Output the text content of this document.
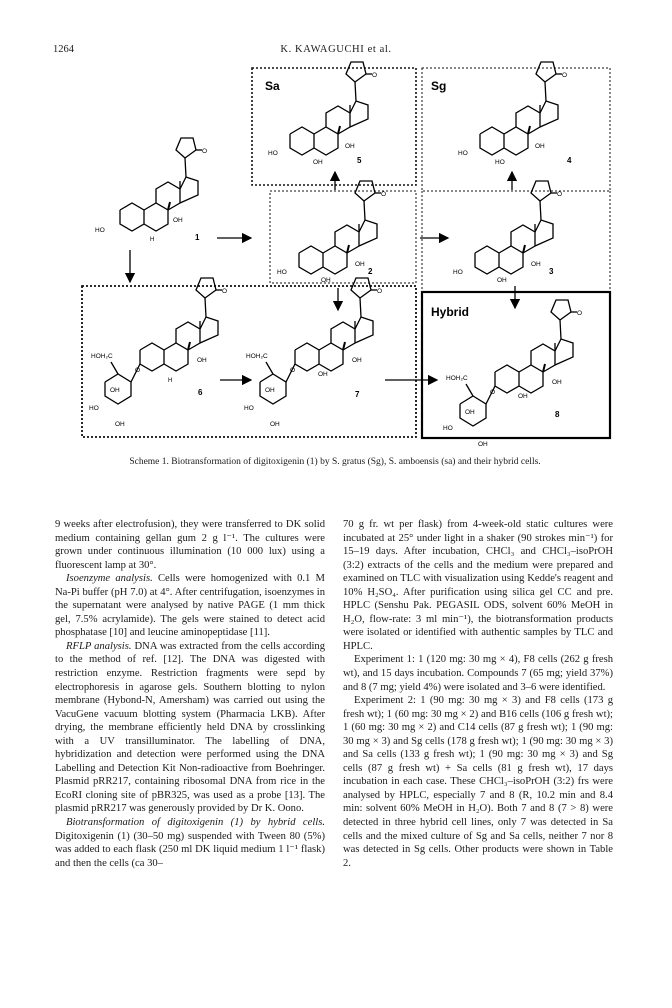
1264	K. KAWAGUCHI et al.
Sa	Sg
Hybrid
HO
OH
H
O
1
HO
OH
OH
O
5
HO
HO
OH
O
4
HO
OH
OH
O
2	HO
OH
OH
O
3
HOH₂C
OH
H
OH
HO
OH
O
O
6
HOH₂C
OH
OH
OH
HO
OH
O
O
7
HOH₂C
OH
OH
OH
HO
OH
O
O
8
Scheme 1. Biotransformation of digitoxigenin (1) by S. gratus (Sg), S. amboensis (sa) and their hybrid cells.

9 weeks after electrofusion), they were transferred to DK solid medium containing gellan gum 2 g l⁻¹. The cultures were grown under continuous illumination (10 000 lux) using a fluorescent lamp at 30°.

Isoenzyme analysis. Cells were homogenized with 0.1 M Na-Pi buffer (pH 7.0) at 4°. After centrifugation, isoenzymes in the supernatant were analysed by native PAGE (1 mm thick gel, 7.5% acrylamide). The gels were stained to detect acid phosphatase [10] and leucine aminopeptidase [11].

RFLP analysis. DNA was extracted from the cells according to the method of ref. [12]. The DNA was digested with restriction enzyme. Restriction fragments were sepd by electrophoresis in agarose gels. Southern blotting to nylon membrane (Hybond-N, Amersham) was carried out using the VacuGene vacuum blotting system (Pharmacia LKB). After drying, the membrane efficiently held DNA by crosslinking with a UV transilluminator. The labelling of DNA, hybridization and detection were performed using the DNA Labelling and Detection Kit Non-radioactive from Boehringer. Plasmid pRR217, containing ribosomal DNA from rice in the EcoRI cloning site of pBR325, was used as a probe [13]. The plasmid pRR217 was generously provided by Dr K. Oono.

Biotransformation of digitoxigenin (1) by hybrid cells. Digitoxigenin (1) (30–50 mg) suspended with Tween 80 (5%) was added to each flask (250 ml DK liquid medium 1 l⁻¹ flask) and then the cells (ca 30–

70 g fr. wt per flask) from 4-week-old static cultures were incubated at 25° under light in a shaker (90 strokes min⁻¹) for 15–19 days. After incubation, CHCl₃ and CHCl₃–isoPrOH (3:2) extracts of the cells and the medium were prepared and examined on TLC with visualization using Kedde's reagent and 10% H₂SO₄. After purification using silica gel CC and pre. HPLC (Senshu Pak. PEGASIL ODS, solvent 60% MeOH in H₂O, flow-rate: 3 ml min⁻¹), the biotransformation products were isolated or identified with authentic samples by TLC and HPLC.

Experiment 1: 1 (120 mg: 30 mg × 4), F8 cells (262 g fresh wt), and 15 days incubation. Compounds 7 (65 mg; yield 37%) and 8 (7 mg; yield 4%) were isolated and 3–6 were identified.

Experiment 2: 1 (90 mg: 30 mg × 3) and F8 cells (173 g fresh wt); 1 (60 mg: 30 mg × 2) and B16 cells (106 g fresh wt); 1 (60 mg: 30 mg × 2) and C14 cells (87 g fresh wt); 1 (90 mg: 30 mg × 3) and Sg cells (178 g fresh wt); 1 (90 mg: 30 mg × 3) and Sa cells (133 g fresh wt); 1 (90 mg: 30 mg × 3) and Sg cells (87 g fresh wt) + Sa cells (81 g fresh wt), 17 days incubation in each case. These CHCl₃–isoPrOH (3:2) frs were analysed by HPLC, especially 7 and 8 (R, 10.2 min and 8.4 min: solvent 60% MeOH in H₂O). Both 7 and 8 (7 > 8) were detected in three hybrid cell lines, only 7 was detected in Sa cells and the mixed culture of Sg and Sa cells, neither 7 nor 8 was detected in Sg cells. Other products were shown in Table 2.
